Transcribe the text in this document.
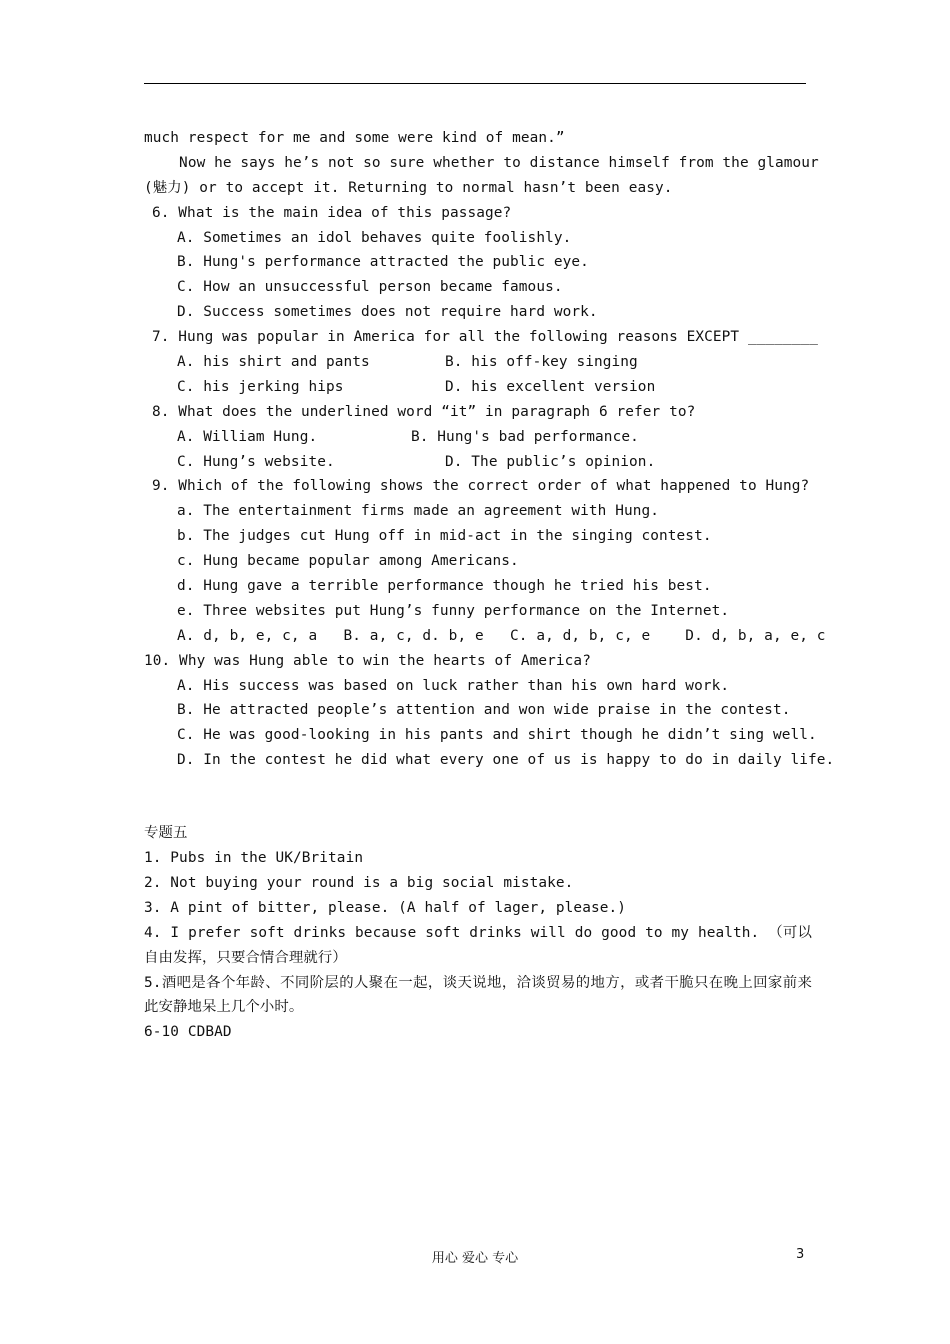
much respect for me and some were kind of mean.”
Now he says he’s not so sure whether to distance himself from the glamour
(魅力) or to accept it. Returning to normal hasn’t been easy.
6. What is the main idea of this passage?
A. Sometimes an idol behaves quite foolishly.
B. Hung's performance attracted the public eye.
C. How an unsuccessful person became famous.
D. Success sometimes does not require hard work.
7. Hung was popular in America for all the following reasons EXCEPT ________
A. his shirt and pants	B. his off-key singing
C. his jerking hips	D. his excellent version
8. What does the underlined word “it” in paragraph 6 refer to?
A. William Hung.	B. Hung's bad performance.
C. Hung’s website.	D. The public’s opinion.
9. Which of the following shows the correct order of what happened to Hung?
a. The entertainment firms made an agreement with Hung.
b. The judges cut Hung off in mid-act in the singing contest.
c. Hung became popular among Americans.
d. Hung gave a terrible performance though he tried his best.
e. Three websites put Hung’s funny performance on the Internet.
A. d, b, e, c, a   B. a, c, d. b, e   C. a, d, b, c, e    D. d, b, a, e, c
10. Why was Hung able to win the hearts of America?
A. His success was based on luck rather than his own hard work.
B. He attracted people’s attention and won wide praise in the contest.
C. He was good-looking in his pants and shirt though he didn’t sing well.
D. In the contest he did what every one of us is happy to do in daily life.
专题五
1. Pubs in the UK/Britain
2. Not buying your round is a big social mistake.
3. A pint of bitter, please. (A half of lager, please.)
4. I prefer soft drinks because soft drinks will do good to my health. （可以自由发挥，只要合情合理就行）
5.酒吧是各个年龄、不同阶层的人聚在一起，谈天说地，洽谈贸易的地方，或者干脆只在晚上回家前来此安静地呆上几个小时。
6-10 CDBAD
用心 爱心 专心	3
